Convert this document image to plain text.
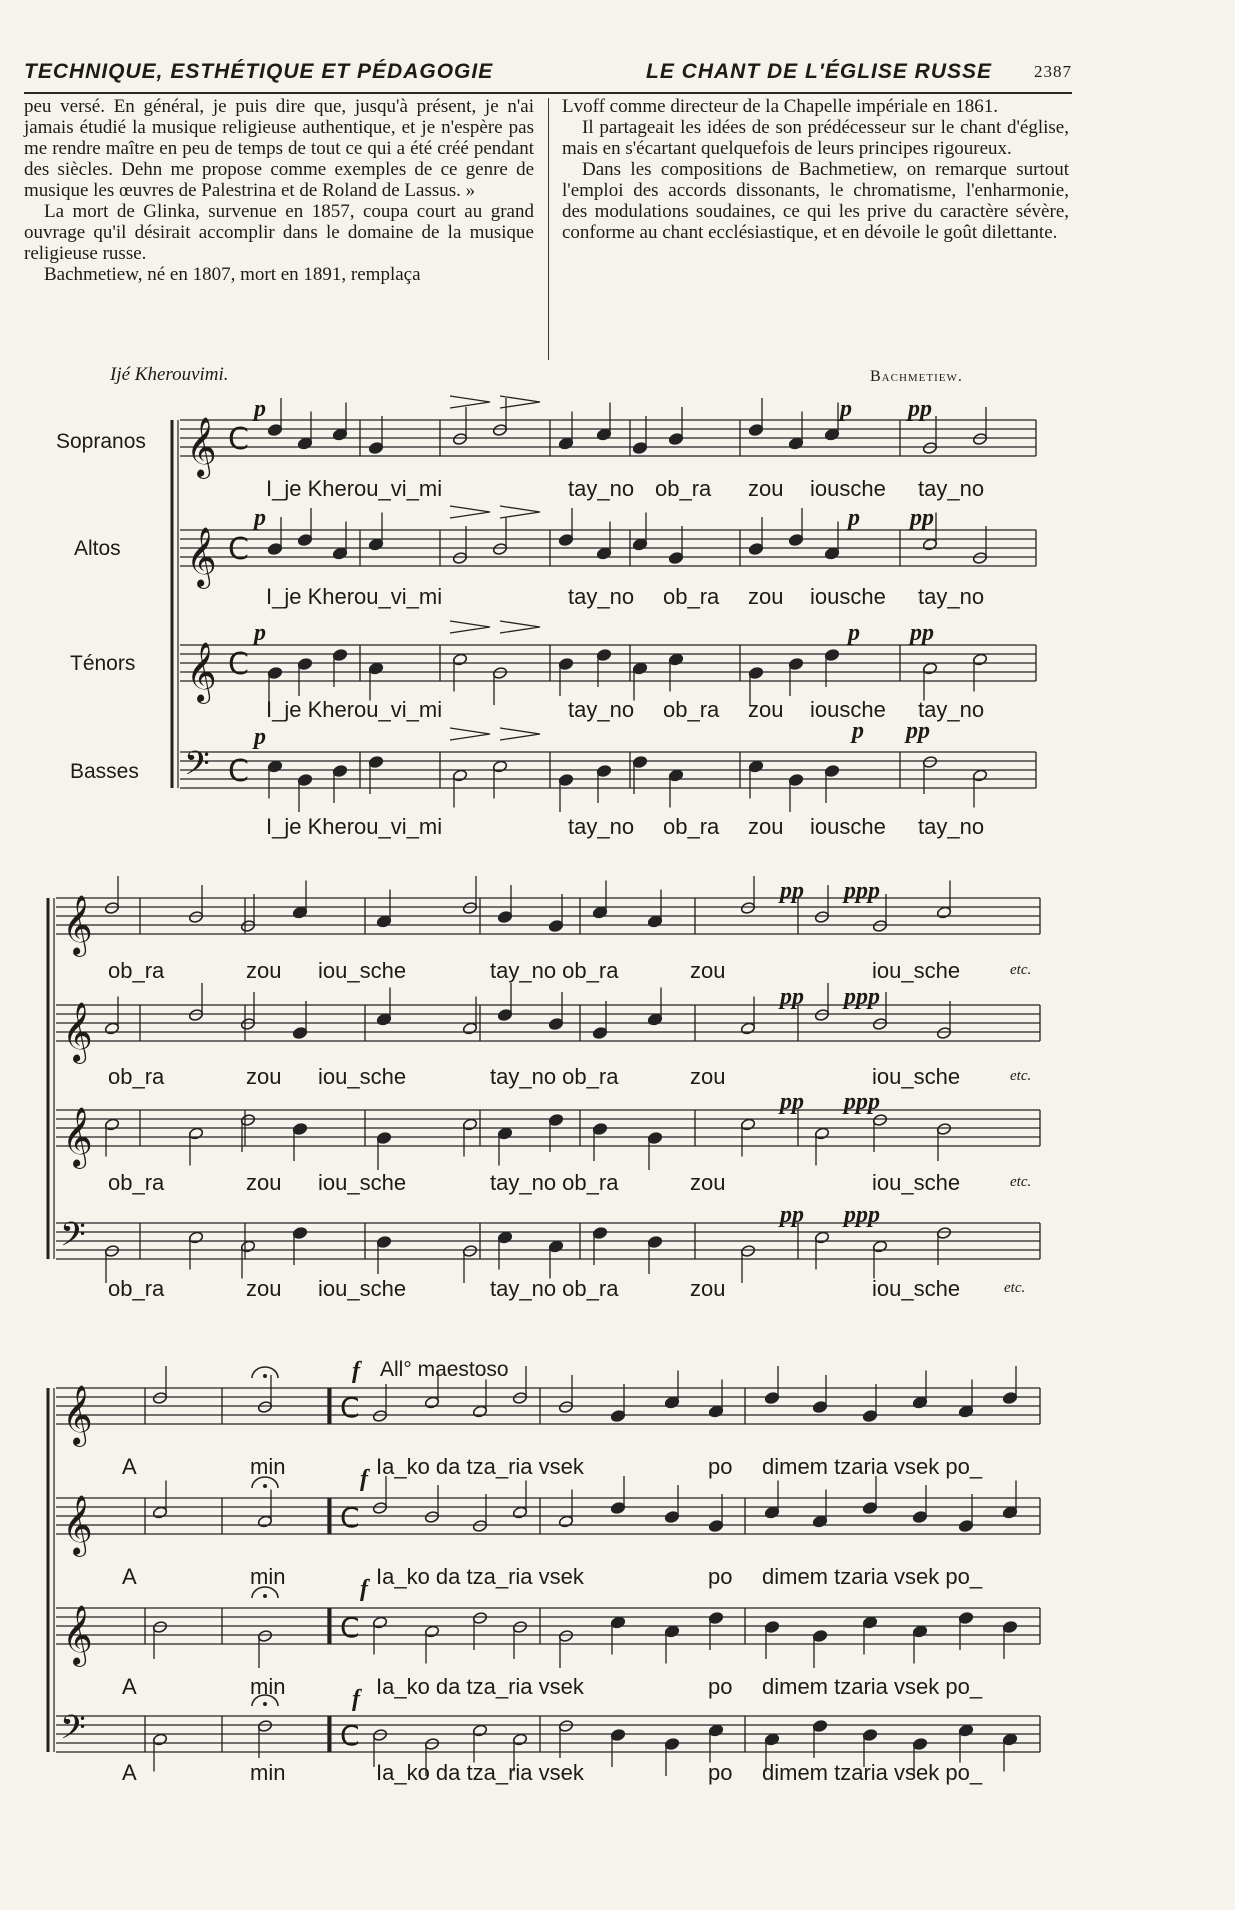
TECHNIQUE, ESTHÉTIQUE ET PÉDAGOGIE	LE CHANT DE L'ÉGLISE RUSSE 2387

peu versé. En général, je puis dire que, jusqu'à présent, je n'ai jamais étudié la musique religieuse authentique, et je n'espère pas me rendre maître en peu de temps de tout ce qui a été créé pendant des siècles. Dehn me propose comme exemples de ce genre de musique les œuvres de Palestrina et de Roland de Lassus. »

La mort de Glinka, survenue en 1857, coupa court au grand ouvrage qu'il désirait accomplir dans le domaine de la musique religieuse russe.

Bachmetiew, né en 1807, mort en 1891, remplaça

Lvoff comme directeur de la Chapelle impériale en 1861.

Il partageait les idées de son prédécesseur sur le chant d'église, mais en s'écartant quelquefois de leurs principes rigoureux.

Dans les compositions de Bachmetiew, on remarque surtout l'emploi des accords dissonants, le chromatisme, l'enharmonie, des modulations soudaines, ce qui les prive du caractère sévère, conforme au chant ecclésiastique, et en dévoile le goût dilettante.

Ijé Kherouvimi.	Bachmetiew.
𝄞 C
𝄞 C
𝄞 C
𝄢 C
𝄞
𝄞
𝄞
𝄢
𝄞	C
𝄞	C
𝄞	C
𝄢	C
Sopranos
Altos
Ténors
Basses
p	p pp
p	p pp
p	p pp
p	p pp
pp ppp
pp ppp
pp ppp
pp ppp
etc.
etc.
etc.
etc.
f All° maestoso
f
f
f
I_je Kherou_vi_mi	tay_no ob_ra zou iousche tay_no
I_je Kherou_vi_mi	tay_no ob_ra zou iousche tay_no
I_je Kherou_vi_mi	tay_no ob_ra zou iousche tay_no
I_je Kherou_vi_mi	tay_no ob_ra zou iousche tay_no
ob_ra	zou iou_sche	tay_no ob_ra	zou	iou_sche
ob_ra	zou iou_sche	tay_no ob_ra	zou	iou_sche
ob_ra	zou iou_sche	tay_no ob_ra	zou	iou_sche
ob_ra	zou iou_sche	tay_no ob_ra	zou	iou_sche
A	min	Ia_ko da tza_ria vsek	po dimem tzaria vsek po_
A	min	Ia_ko da tza_ria vsek	po dimem tzaria vsek po_
A	min	Ia_ko da tza_ria vsek	po dimem tzaria vsek po_
A	min	Ia_ko da tza_ria vsek	po dimem tzaria vsek po_
